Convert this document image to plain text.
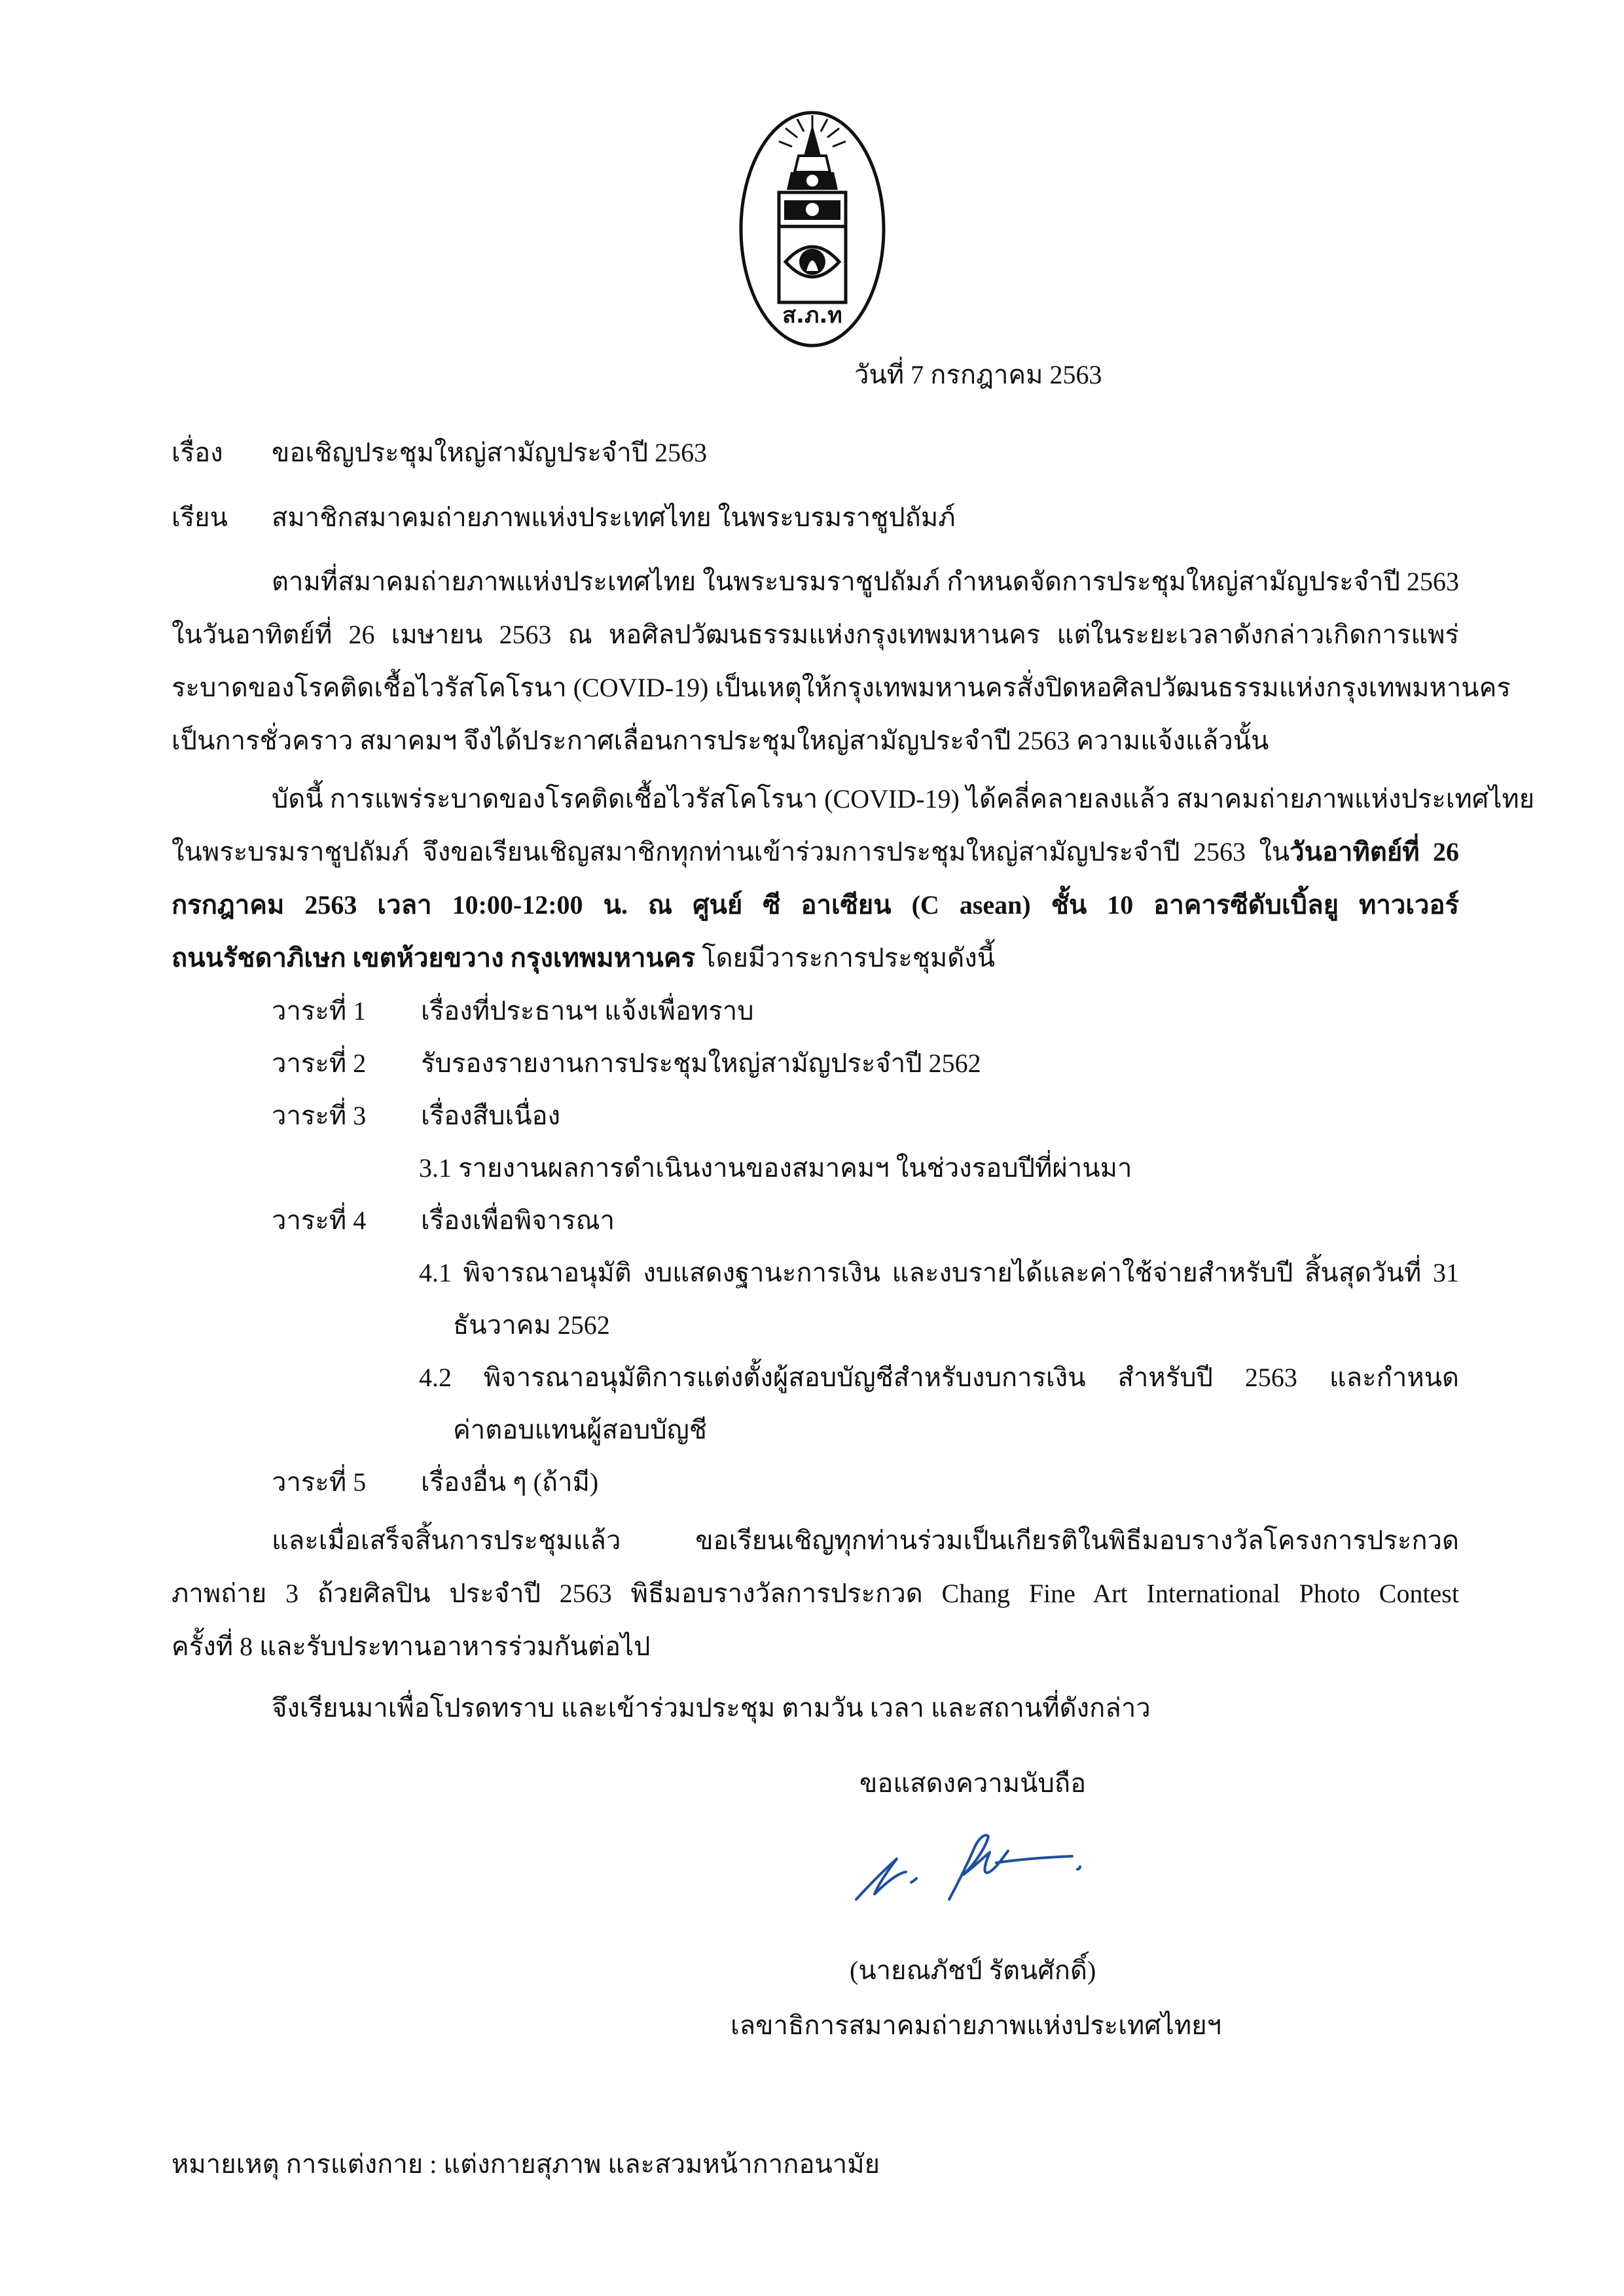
ส.ภ.ท
วันที่ 7 กรกฎาคม 2563
เรื่อง ขอเชิญประชุมใหญ่สามัญประจำปี 2563
เรียน สมาชิกสมาคมถ่ายภาพแห่งประเทศไทย ในพระบรมราชูปถัมภ์
ตามที่สมาคมถ่ายภาพแห่งประเทศไทย ในพระบรมราชูปถัมภ์ กำหนดจัดการประชุมใหญ่สามัญประจำปี 2563
ในวันอาทิตย์ที่ 26 เมษายน 2563 ณ หอศิลปวัฒนธรรมแห่งกรุงเทพมหานคร แต่ในระยะเวลาดังกล่าวเกิดการแพร่
ระบาดของโรคติดเชื้อไวรัสโคโรนา (COVID-19) เป็นเหตุให้กรุงเทพมหานครสั่งปิดหอศิลปวัฒนธรรมแห่งกรุงเทพมหานคร
เป็นการชั่วคราว สมาคมฯ จึงได้ประกาศเลื่อนการประชุมใหญ่สามัญประจำปี 2563 ความแจ้งแล้วนั้น
บัดนี้ การแพร่ระบาดของโรคติดเชื้อไวรัสโคโรนา (COVID-19) ได้คลี่คลายลงแล้ว สมาคมถ่ายภาพแห่งประเทศไทย
ในพระบรมราชูปถัมภ์ จึงขอเรียนเชิญสมาชิกทุกท่านเข้าร่วมการประชุมใหญ่สามัญประจำปี 2563 ในวันอาทิตย์ที่ 26
กรกฎาคม 2563 เวลา 10:00-12:00 น. ณ ศูนย์ ซี อาเซียน (C asean) ชั้น 10 อาคารซีดับเบิ้ลยู ทาวเวอร์
ถนนรัชดาภิเษก เขตห้วยขวาง กรุงเทพมหานคร โดยมีวาระการประชุมดังนี้
วาระที่ 1 เรื่องที่ประธานฯ แจ้งเพื่อทราบ
วาระที่ 2 รับรองรายงานการประชุมใหญ่สามัญประจำปี 2562
วาระที่ 3 เรื่องสืบเนื่อง
3.1 รายงานผลการดำเนินงานของสมาคมฯ ในช่วงรอบปีที่ผ่านมา
วาระที่ 4 เรื่องเพื่อพิจารณา
4.1 พิจารณาอนุมัติ งบแสดงฐานะการเงิน และงบรายได้และค่าใช้จ่ายสำหรับปี สิ้นสุดวันที่ 31
ธันวาคม 2562
4.2 พิจารณาอนุมัติการแต่งตั้งผู้สอบบัญชีสำหรับงบการเงิน สำหรับปี 2563 และกำหนด
ค่าตอบแทนผู้สอบบัญชี
วาระที่ 5 เรื่องอื่น ๆ (ถ้ามี)
และเมื่อเสร็จสิ้นการประชุมแล้ว ขอเรียนเชิญทุกท่านร่วมเป็นเกียรติในพิธีมอบรางวัลโครงการประกวด
ภาพถ่าย 3 ถ้วยศิลปิน ประจำปี 2563 พิธีมอบรางวัลการประกวด Chang Fine Art International Photo Contest
ครั้งที่ 8 และรับประทานอาหารร่วมกันต่อไป
จึงเรียนมาเพื่อโปรดทราบ และเข้าร่วมประชุม ตามวัน เวลา และสถานที่ดังกล่าว
ขอแสดงความนับถือ
(นายณภัชป์ รัตนศักดิ์)
เลขาธิการสมาคมถ่ายภาพแห่งประเทศไทยฯ
หมายเหตุ การแต่งกาย : แต่งกายสุภาพ และสวมหน้ากากอนามัย
